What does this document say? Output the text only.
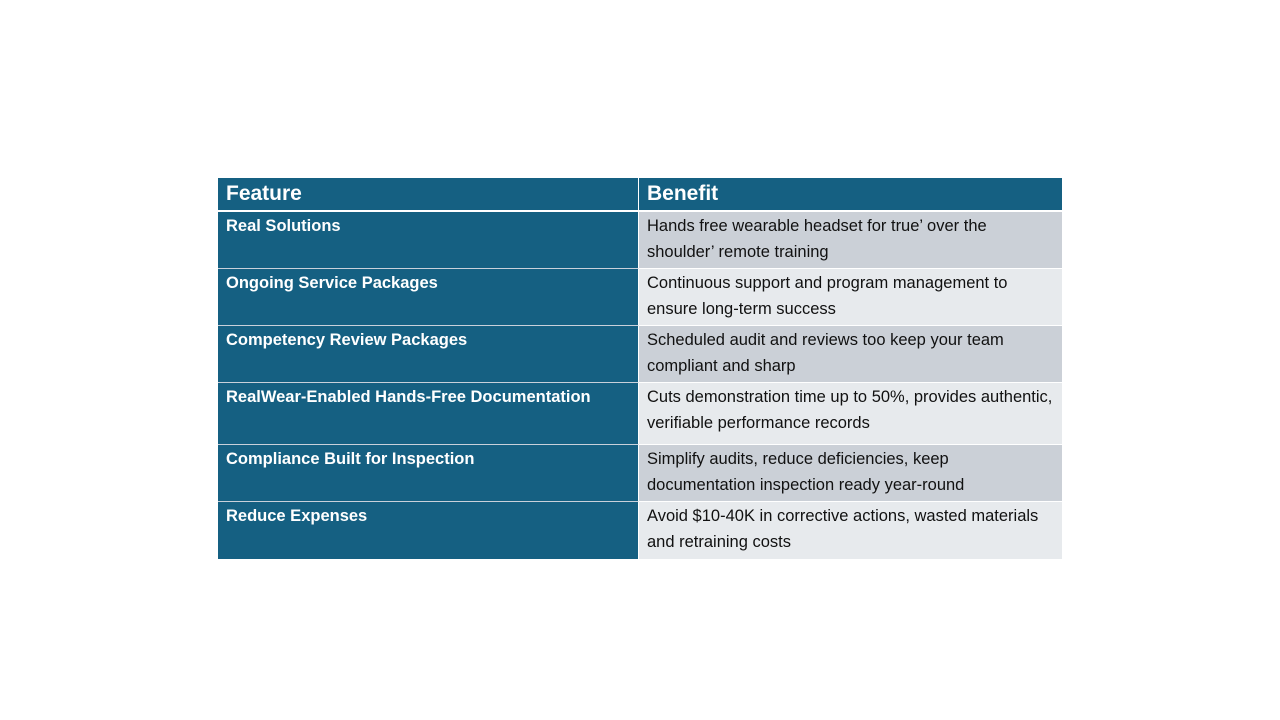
Feature	Benefit
Real Solutions	Hands free wearable headset for true’ over the shoulder’ remote training
Ongoing Service Packages	Continuous support and program management to ensure long-term success
Competency Review Packages	Scheduled audit and reviews too keep your team compliant and sharp
RealWear-Enabled Hands-Free Documentation	Cuts demonstration time up to 50%, provides authentic, verifiable performance records
Compliance Built for Inspection	Simplify audits, reduce deficiencies, keep documentation inspection ready year-round
Reduce Expenses	Avoid $10-40K in corrective actions, wasted materials and retraining costs
